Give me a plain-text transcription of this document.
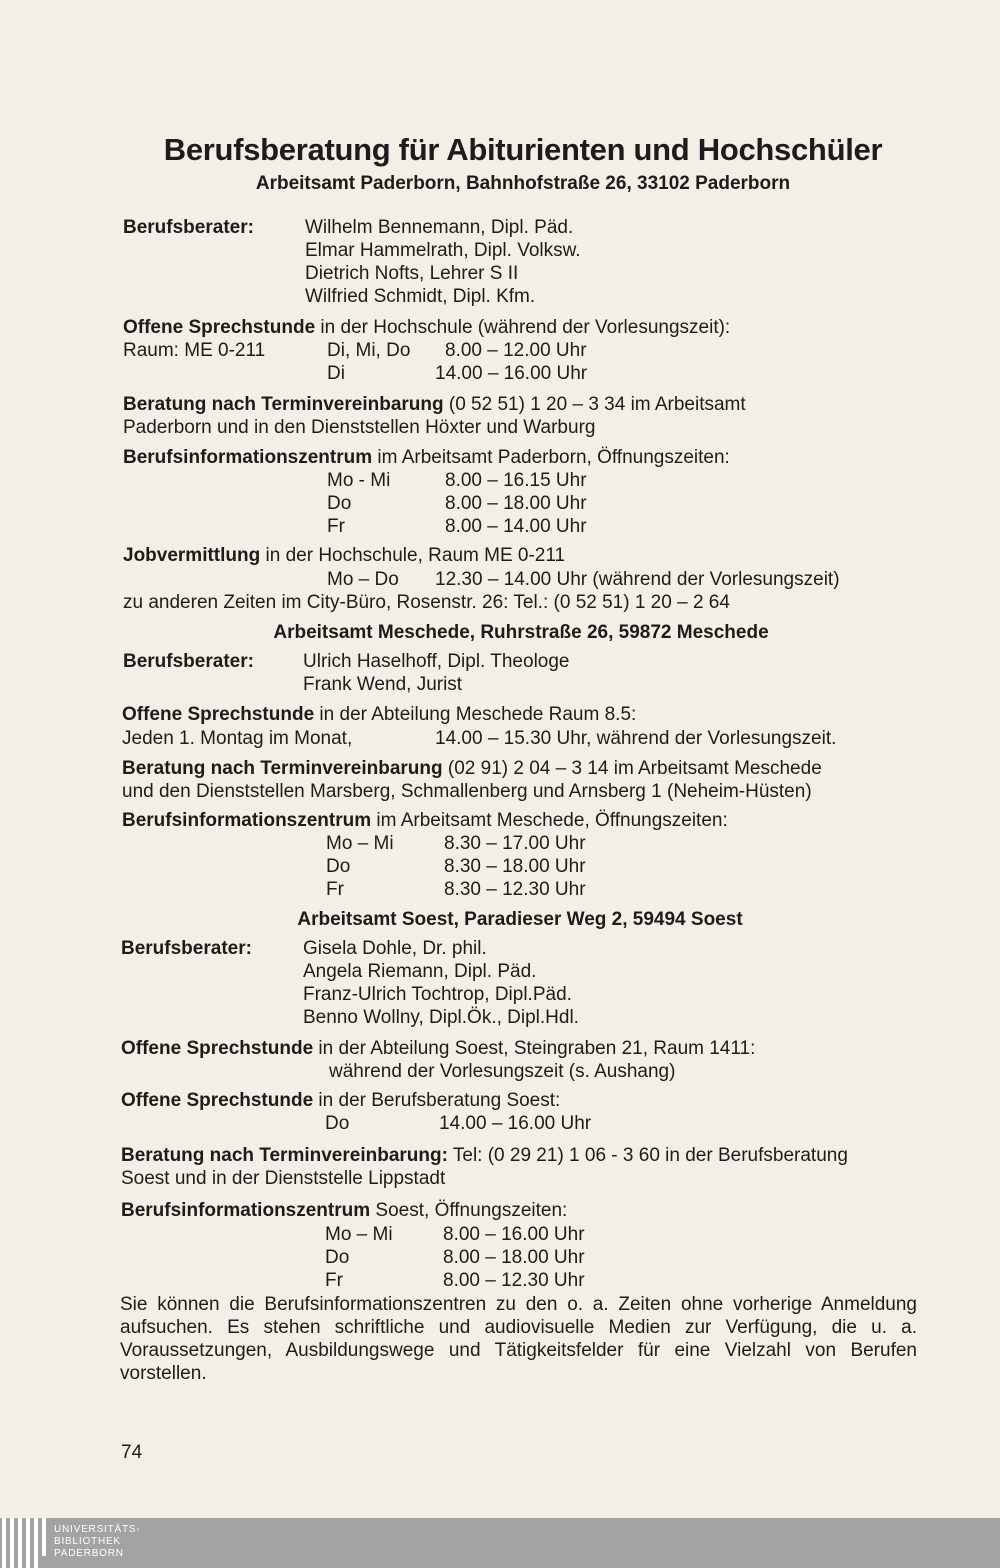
Berufsberatung für Abiturienten und Hochschüler
Arbeitsamt Paderborn, Bahnhofstraße 26, 33102 Paderborn
Berufsberater:	Wilhelm Bennemann, Dipl. Päd.
Elmar Hammelrath, Dipl. Volksw.
Dietrich Nofts, Lehrer S II
Wilfried Schmidt, Dipl. Kfm.
Offene Sprechstunde in der Hochschule (während der Vorlesungszeit):
Raum: ME 0-211	Di, Mi, Do 8.00 – 12.00 Uhr
Di	14.00 – 16.00 Uhr
Beratung nach Terminvereinbarung (0 52 51) 1 20 – 3 34 im Arbeitsamt
Paderborn und in den Dienststellen Höxter und Warburg
Berufsinformationszentrum im Arbeitsamt Paderborn, Öffnungszeiten:
Mo - Mi	8.00 – 16.15 Uhr
Do	8.00 – 18.00 Uhr
Fr	8.00 – 14.00 Uhr
Jobvermittlung in der Hochschule, Raum ME 0-211
Mo – Do 12.30 – 14.00 Uhr (während der Vorlesungszeit)
zu anderen Zeiten im City-Büro, Rosenstr. 26: Tel.: (0 52 51) 1 20 – 2 64
Arbeitsamt Meschede, Ruhrstraße 26, 59872 Meschede
Berufsberater:	Ulrich Haselhoff, Dipl. Theologe
Frank Wend, Jurist
Offene Sprechstunde in der Abteilung Meschede Raum 8.5:
Jeden 1. Montag im Monat,	14.00 – 15.30 Uhr, während der Vorlesungszeit.
Beratung nach Terminvereinbarung (02 91) 2 04 – 3 14 im Arbeitsamt Meschede
und den Dienststellen Marsberg, Schmallenberg und Arnsberg 1 (Neheim-Hüsten)
Berufsinformationszentrum im Arbeitsamt Meschede, Öffnungszeiten:
Mo – Mi	8.30 – 17.00 Uhr
Do	8.30 – 18.00 Uhr
Fr	8.30 – 12.30 Uhr
Arbeitsamt Soest, Paradieser Weg 2, 59494 Soest
Berufsberater:	Gisela Dohle, Dr. phil.
Angela Riemann, Dipl. Päd.
Franz-Ulrich Tochtrop, Dipl.Päd.
Benno Wollny, Dipl.Ök., Dipl.Hdl.
Offene Sprechstunde in der Abteilung Soest, Steingraben 21, Raum 1411:
während der Vorlesungszeit (s. Aushang)
Offene Sprechstunde in der Berufsberatung Soest:
Do	14.00 – 16.00 Uhr
Beratung nach Terminvereinbarung: Tel: (0 29 21) 1 06 - 3 60 in der Berufsberatung
Soest und in der Dienststelle Lippstadt
Berufsinformationszentrum Soest, Öffnungszeiten:
Mo – Mi	8.00 – 16.00 Uhr
Do	8.00 – 18.00 Uhr
Fr	8.00 – 12.30 Uhr
Sie können die Berufsinformationszentren zu den o. a. Zeiten ohne vorherige Anmeldung aufsuchen. Es stehen schriftliche und audiovisuelle Medien zur Verfügung, die u. a. Voraussetzungen, Ausbildungswege und Tätigkeitsfelder für eine Vielzahl von Berufen vorstellen.
74
UNIVERSITÄTS-
BIBLIOTHEK
PADERBORN
